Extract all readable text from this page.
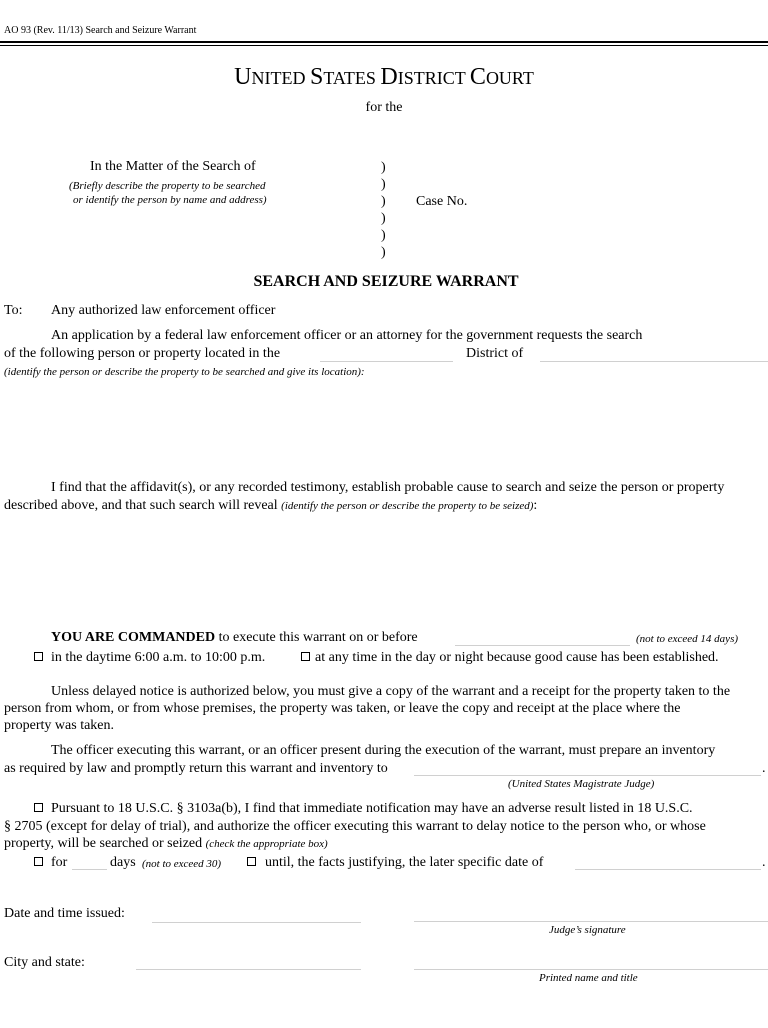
AO 93 (Rev. 11/13) Search and Seizure Warrant
UNITED STATES DISTRICT COURT
for the
In the Matter of the Search of
(Briefly describe the property to be searched
or identify the person by name and address)
)
)
)
)
)
)
Case No.
SEARCH AND SEIZURE WARRANT
To: Any authorized law enforcement officer
An application by a federal law enforcement officer or an attorney for the government requests the search
of the following person or property located in the	District of
(identify the person or describe the property to be searched and give its location):
I find that the affidavit(s), or any recorded testimony, establish probable cause to search and seize the person or property
described above, and that such search will reveal (identify the person or describe the property to be seized):
YOU ARE COMMANDED to execute this warrant on or before	(not to exceed 14 days)
in the daytime 6:00 a.m. to 10:00 p.m.	at any time in the day or night because good cause has been established.
Unless delayed notice is authorized below, you must give a copy of the warrant and a receipt for the property taken to the
person from whom, or from whose premises, the property was taken, or leave the copy and receipt at the place where the
property was taken.
The officer executing this warrant, or an officer present during the execution of the warrant, must prepare an inventory
as required by law and promptly return this warrant and inventory to	.
(United States Magistrate Judge)
Pursuant to 18 U.S.C. § 3103a(b), I find that immediate notification may have an adverse result listed in 18 U.S.C.
§ 2705 (except for delay of trial), and authorize the officer executing this warrant to delay notice to the person who, or whose
property, will be searched or seized (check the appropriate box)
for	days (not to exceed 30)	until, the facts justifying, the later specific date of	.
Date and time issued:
Judge’s signature
City and state:
Printed name and title
